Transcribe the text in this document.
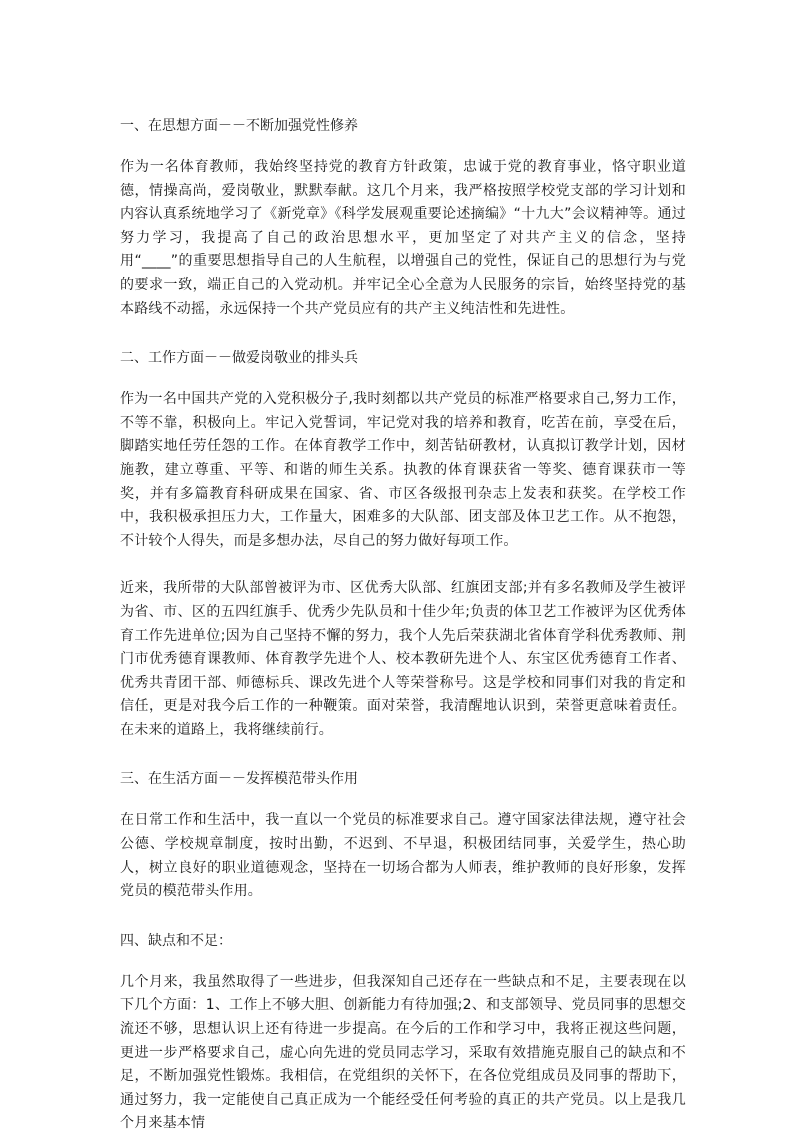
一、在思想方面－－不断加强党性修养
作为一名体育教师，我始终坚持党的教育方针政策，忠诚于党的教育事业，恪守职业道德，情操高尚，爱岗敬业，默默奉献。这几个月来，我严格按照学校党支部的学习计划和内容认真系统地学习了《新党章》《科学发展观重要论述摘编》“十九大”会议精神等。通过努力学习，我提高了自己的政治思想水平，更加坚定了对共产主义的信念，坚持用“____”的重要思想指导自己的人生航程，以增强自己的党性，保证自己的思想行为与党的要求一致，端正自己的入党动机。并牢记全心全意为人民服务的宗旨，始终坚持党的基本路线不动摇，永远保持一个共产党员应有的共产主义纯洁性和先进性。
二、工作方面－－做爱岗敬业的排头兵
作为一名中国共产党的入党积极分子,我时刻都以共产党员的标准严格要求自己,努力工作，不等不靠，积极向上。牢记入党誓词，牢记党对我的培养和教育，吃苦在前，享受在后，脚踏实地任劳任怨的工作。在体育教学工作中，刻苦钻研教材，认真拟订教学计划，因材施教，建立尊重、平等、和谐的师生关系。执教的体育课获省一等奖、德育课获市一等奖，并有多篇教育科研成果在国家、省、市区各级报刊杂志上发表和获奖。在学校工作中，我积极承担压力大，工作量大，困难多的大队部、团支部及体卫艺工作。从不抱怨，不计较个人得失，而是多想办法，尽自己的努力做好每项工作。
近来，我所带的大队部曾被评为市、区优秀大队部、红旗团支部;并有多名教师及学生被评为省、市、区的五四红旗手、优秀少先队员和十佳少年;负责的体卫艺工作被评为区优秀体育工作先进单位;因为自己坚持不懈的努力，我个人先后荣获湖北省体育学科优秀教师、荆门市优秀德育课教师、体育教学先进个人、校本教研先进个人、东宝区优秀德育工作者、优秀共青团干部、师德标兵、课改先进个人等荣誉称号。这是学校和同事们对我的肯定和信任，更是对我今后工作的一种鞭策。面对荣誉，我清醒地认识到，荣誉更意味着责任。在未来的道路上，我将继续前行。
三、在生活方面－－发挥模范带头作用
在日常工作和生活中，我一直以一个党员的标准要求自己。遵守国家法律法规，遵守社会公德、学校规章制度，按时出勤，不迟到、不早退，积极团结同事，关爱学生，热心助人，树立良好的职业道德观念，坚持在一切场合都为人师表，维护教师的良好形象，发挥党员的模范带头作用。
四、缺点和不足：
几个月来，我虽然取得了一些进步，但我深知自己还存在一些缺点和不足，主要表现在以下几个方面：1、工作上不够大胆、创新能力有待加强;2、和支部领导、党员同事的思想交流还不够，思想认识上还有待进一步提高。在今后的工作和学习中，我将正视这些问题，更进一步严格要求自己，虚心向先进的党员同志学习，采取有效措施克服自己的缺点和不足，不断加强党性锻炼。我相信，在党组织的关怀下，在各位党组成员及同事的帮助下，通过努力，我一定能使自己真正成为一个能经受任何考验的真正的共产党员。以上是我几个月来基本情
